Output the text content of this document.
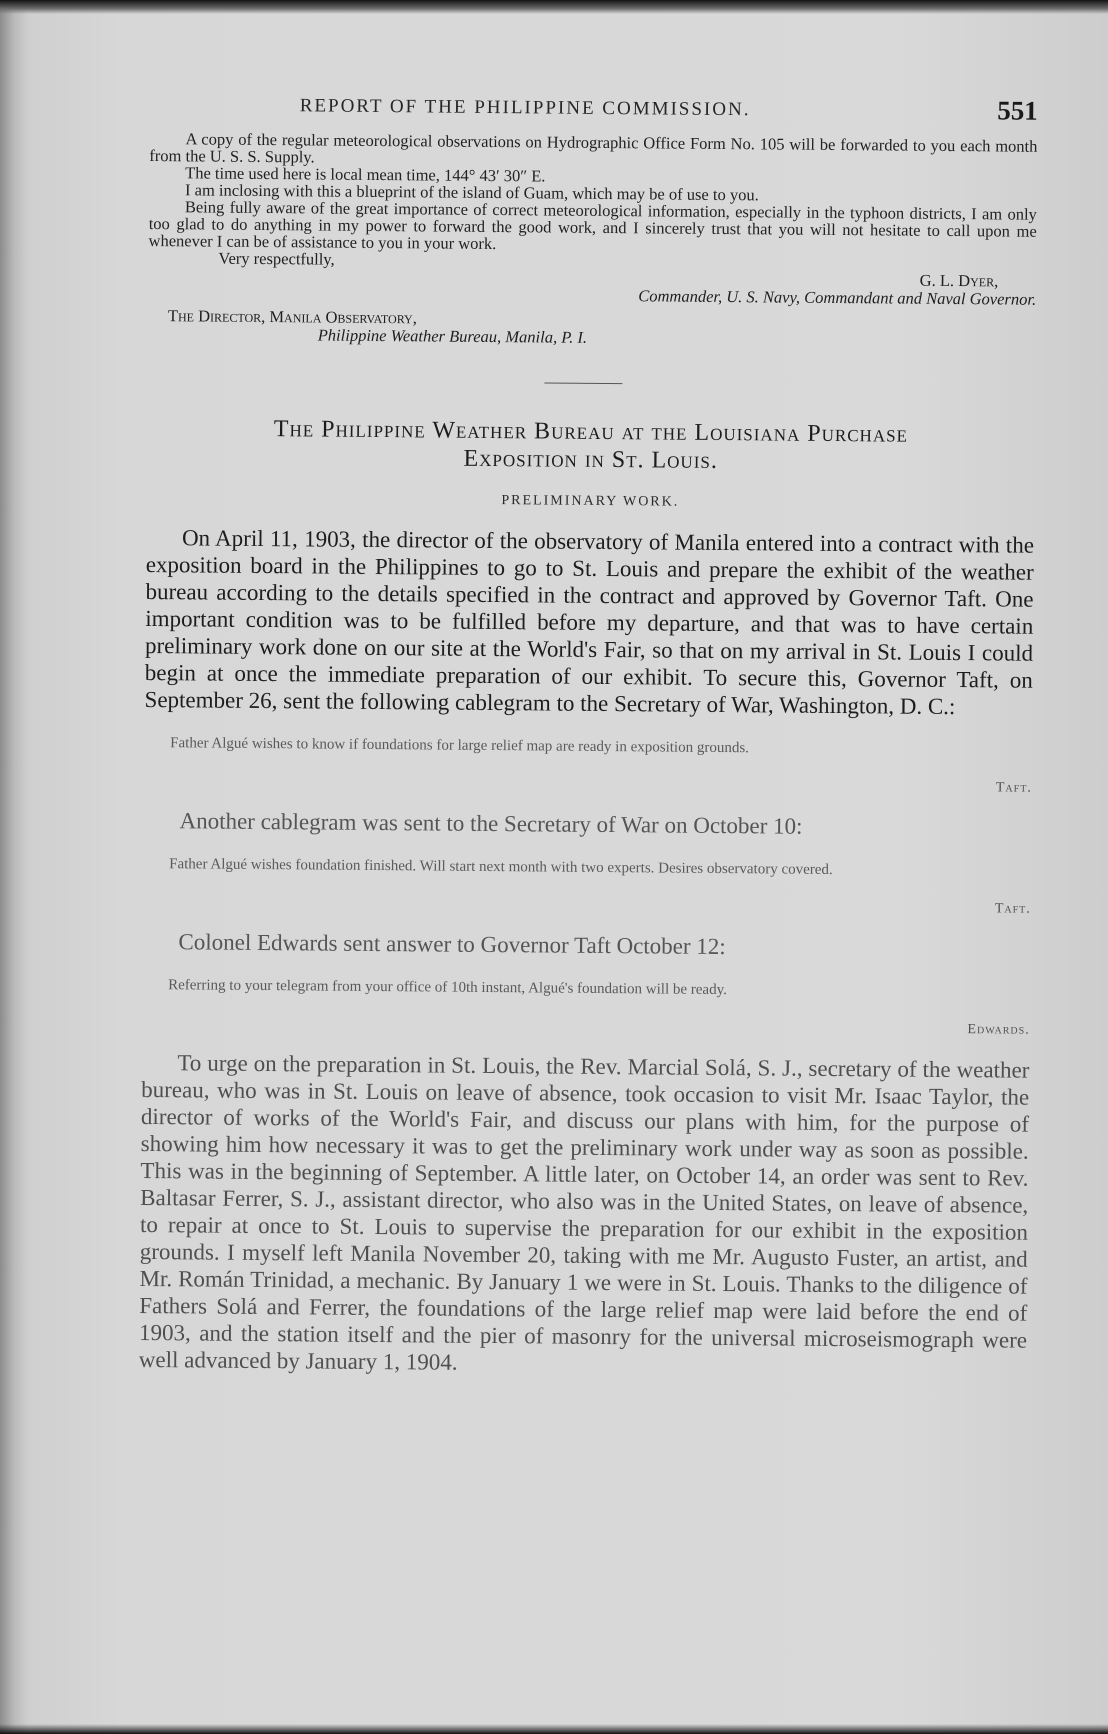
REPORT OF THE PHILIPPINE COMMISSION.	551

A copy of the regular meteorological observations on Hydrographic Office Form No. 105 will be forwarded to you each month from the U. S. S. Supply.

The time used here is local mean time, 144° 43′ 30″ E.

I am inclosing with this a blueprint of the island of Guam, which may be of use to you.

Being fully aware of the great importance of correct meteorological information, especially in the typhoon districts, I am only too glad to do anything in my power to forward the good work, and I sincerely trust that you will not hesitate to call upon me whenever I can be of assistance to you in your work.

Very respectfully,
G. L. Dyer,
Commander, U. S. Navy, Commandant and Naval Governor.
The Director, Manila Observatory,
Philippine Weather Bureau, Manila, P. I.
The Philippine Weather Bureau at the Louisiana Purchase
Exposition in St. Louis.
PRELIMINARY WORK.

On April 11, 1903, the director of the observatory of Manila entered into a contract with the exposition board in the Philippines to go to St. Louis and prepare the exhibit of the weather bureau according to the details specified in the contract and approved by Governor Taft. One important condition was to be fulfilled before my departure, and that was to have certain preliminary work done on our site at the World's Fair, so that on my arrival in St. Louis I could begin at once the immediate preparation of our exhibit. To secure this, Governor Taft, on September 26, sent the following cablegram to the Secretary of War, Washington, D. C.:

Father Algué wishes to know if foundations for large relief map are ready in exposition grounds.

Taft.

Another cablegram was sent to the Secretary of War on October 10:

Father Algué wishes foundation finished. Will start next month with two experts. Desires observatory covered.

Taft.

Colonel Edwards sent answer to Governor Taft October 12:

Referring to your telegram from your office of 10th instant, Algué's foundation will be ready.

Edwards.

To urge on the preparation in St. Louis, the Rev. Marcial Solá, S. J., secretary of the weather bureau, who was in St. Louis on leave of absence, took occasion to visit Mr. Isaac Taylor, the director of works of the World's Fair, and discuss our plans with him, for the purpose of showing him how necessary it was to get the preliminary work under way as soon as possible. This was in the beginning of September. A little later, on October 14, an order was sent to Rev. Baltasar Ferrer, S. J., assistant director, who also was in the United States, on leave of absence, to repair at once to St. Louis to supervise the preparation for our exhibit in the exposition grounds. I myself left Manila November 20, taking with me Mr. Augusto Fuster, an artist, and Mr. Román Trinidad, a mechanic. By January 1 we were in St. Louis. Thanks to the diligence of Fathers Solá and Ferrer, the foundations of the large relief map were laid before the end of 1903, and the station itself and the pier of masonry for the universal microseismograph were well advanced by January 1, 1904.
